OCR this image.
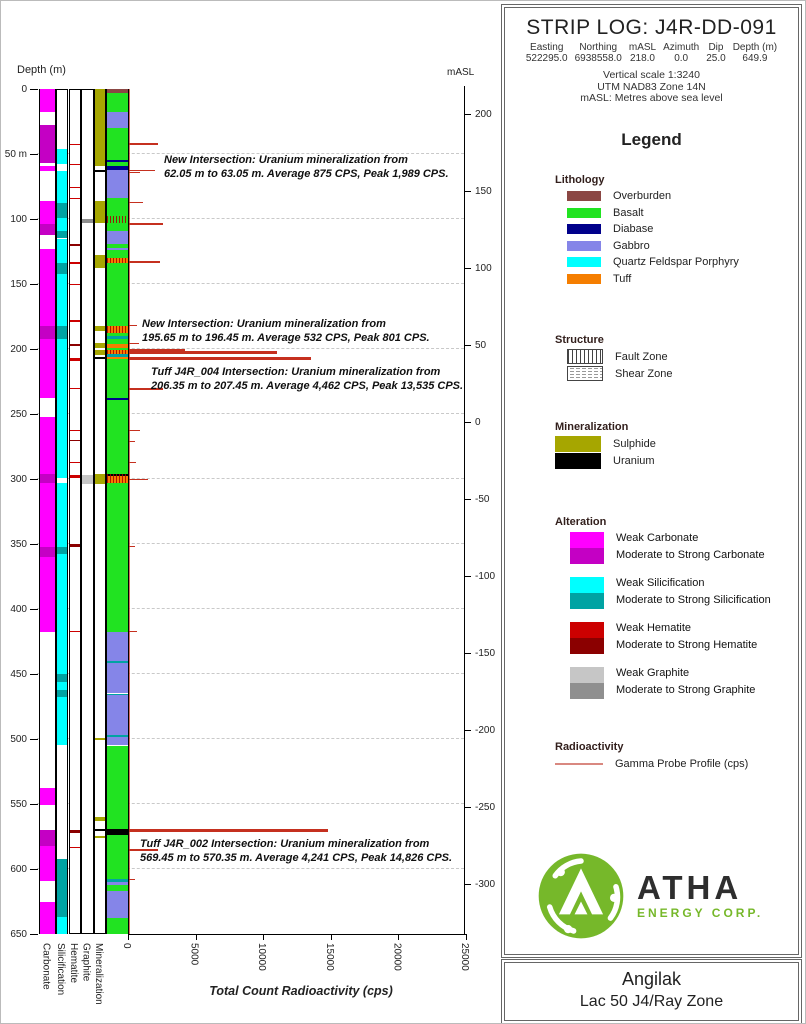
mASL
200
150
100
50
0
-50
-100
-150
-200
-250
-300
Depth (m)
0
50 m
100
150
200
250
300
350
400
450
500
550
600
650
0	5000	10000	15000	20000	25000
Total Count Radioactivity (cps)
Carbonate Silicification Hematite Graphite Mineralization
New Intersection: Uranium mineralization from
62.05 m to 63.05 m. Average 875 CPS, Peak 1,989 CPS.
New Intersection: Uranium mineralization from
195.65 m to 196.45 m. Average 532 CPS, Peak 801 CPS.
Tuff J4R_004 Intersection: Uranium mineralization from
206.35 m to 207.45 m. Average 4,462 CPS, Peak 13,535 CPS.
Tuff J4R_002 Intersection: Uranium mineralization from
569.45 m to 570.35 m. Average 4,241 CPS, Peak 14,826 CPS.
STRIP LOG: J4R-DD-091
Easting
522295.0
Northing
6938558.0
mASL
218.0
Azimuth
0.0
Dip
25.0
Depth (m)
649.9
Vertical scale 1:3240
UTM NAD83 Zone 14N
mASL: Metres above sea level
Legend
Lithology
Overburden
Basalt
Diabase
Gabbro
Quartz Feldspar Porphyry
Tuff
Structure
Fault Zone
Shear Zone
Mineralization
Sulphide
Uranium
Alteration
Weak Carbonate
Moderate to Strong Carbonate
Weak Silicification
Moderate to Strong Silicification
Weak Hematite
Moderate to Strong Hematite
Weak Graphite
Moderate to Strong Graphite
Radioactivity
Gamma Probe Profile (cps)
ATHA
ENERGY CORP.
Angilak
Lac 50 J4/Ray Zone
